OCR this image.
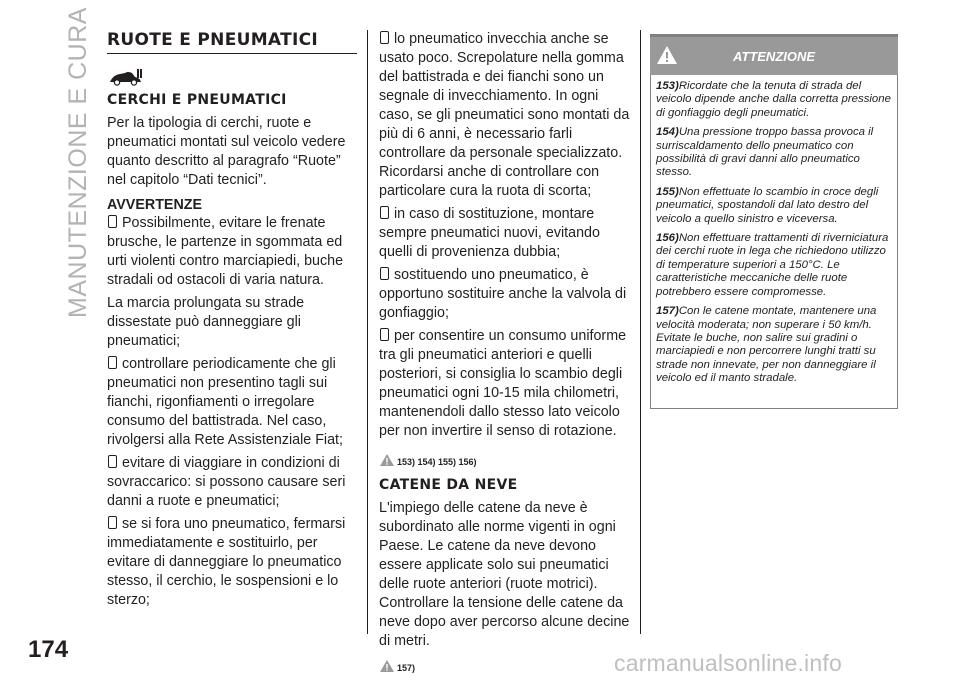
MANUTENZIONE E CURA
174
RUOTE E PNEUMATICI
CERCHI E PNEUMATICI

Per la tipologia di cerchi, ruote e pneumatici montati sul veicolo vedere quanto descritto al paragrafo “Ruote” nel capitolo “Dati tecnici”.

AVVERTENZE

Possibilmente, evitare le frenate brusche, le partenze in sgommata ed urti violenti contro marciapiedi, buche stradali od ostacoli di varia natura.

La marcia prolungata su strade dissestate può danneggiare gli pneumatici;

controllare periodicamente che gli pneumatici non presentino tagli sui fianchi, rigonfiamenti o irregolare consumo del battistrada. Nel caso, rivolgersi alla Rete Assistenziale Fiat;

evitare di viaggiare in condizioni di sovraccarico: si possono causare seri danni a ruote e pneumatici;

se si fora uno pneumatico, fermarsi immediatamente e sostituirlo, per evitare di danneggiare lo pneumatico stesso, il cerchio, le sospensioni e lo sterzo;

lo pneumatico invecchia anche se usato poco. Screpolature nella gomma del battistrada e dei fianchi sono un segnale di invecchiamento. In ogni caso, se gli pneumatici sono montati da più di 6 anni, è necessario farli controllare da personale specializzato. Ricordarsi anche di controllare con particolare cura la ruota di scorta;

in caso di sostituzione, montare sempre pneumatici nuovi, evitando quelli di provenienza dubbia;

sostituendo uno pneumatico, è opportuno sostituire anche la valvola di gonfiaggio;

per consentire un consumo uniforme tra gli pneumatici anteriori e quelli posteriori, si consiglia lo scambio degli pneumatici ogni 10-15 mila chilometri, mantenendoli dallo stesso lato veicolo per non invertire il senso di rotazione.

153) 154) 155) 156)
CATENE DA NEVE

L'impiego delle catene da neve è subordinato alle norme vigenti in ogni Paese. Le catene da neve devono essere applicate solo sui pneumatici delle ruote anteriori (ruote motrici). Controllare la tensione delle catene da neve dopo aver percorso alcune decine di metri.

157)
ATTENZIONE

153)Ricordate che la tenuta di strada del veicolo dipende anche dalla corretta pressione di gonfiaggio degli pneumatici.

154)Una pressione troppo bassa provoca il surriscaldamento dello pneumatico con possibilità di gravi danni allo pneumatico stesso.

155)Non effettuate lo scambio in croce degli pneumatici, spostandoli dal lato destro del veicolo a quello sinistro e viceversa.

156)Non effettuare trattamenti di riverniciatura dei cerchi ruote in lega che richiedono utilizzo di temperature superiori a 150°C. Le caratteristiche meccaniche delle ruote potrebbero essere compromesse.

157)Con le catene montate, mantenere una velocità moderata; non superare i 50 km/h. Evitate le buche, non salire sui gradini o marciapiedi e non percorrere lunghi tratti su strade non innevate, per non danneggiare il veicolo ed il manto stradale.

carmanualsonline.info
